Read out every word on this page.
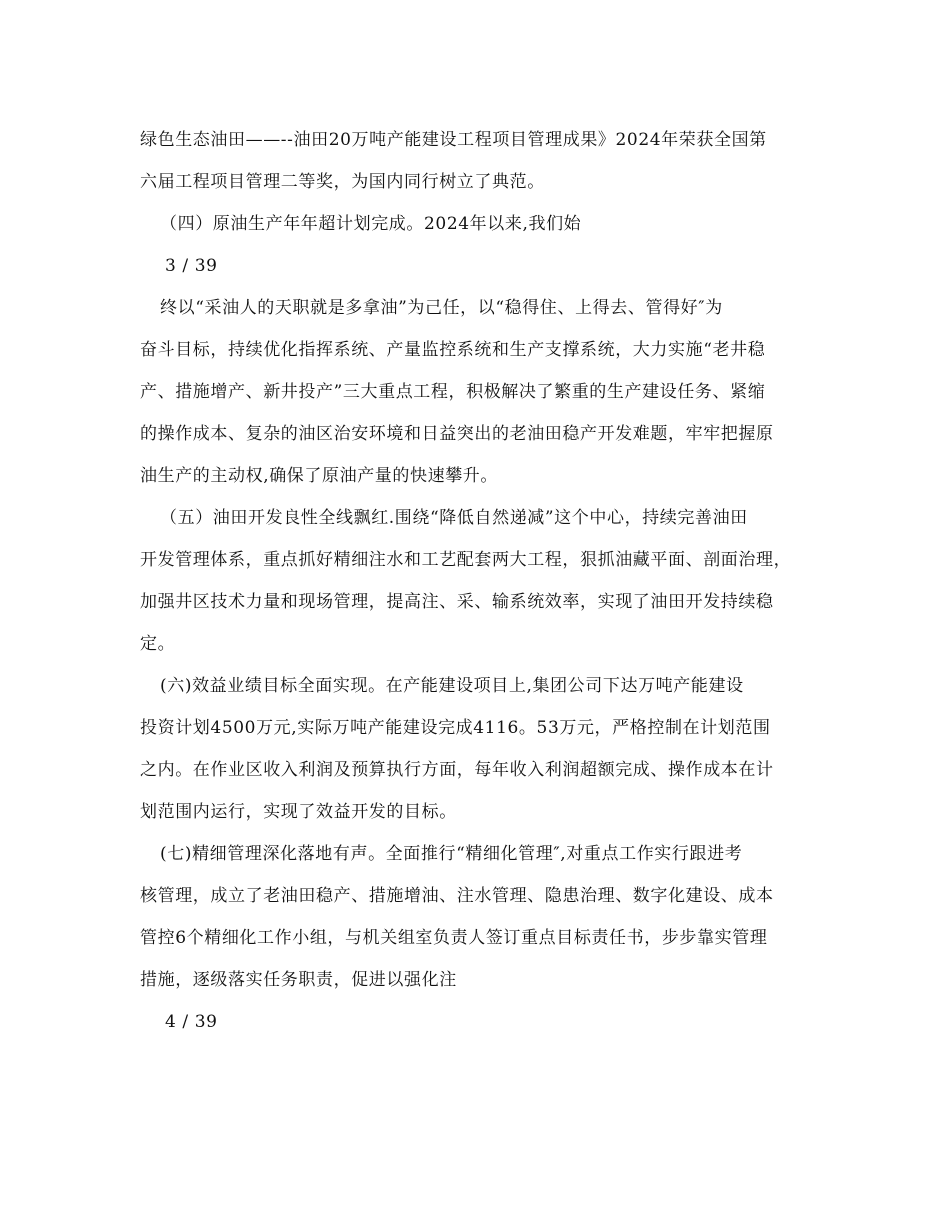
绿色生态油田——--油田20万吨产能建设工程项目管理成果》2024年荣获全国第
六届工程项目管理二等奖，为国内同行树立了典范。
（四）原油生产年年超计划完成。2024年以来,我们始
3 / 39
终以“采油人的天职就是多拿油”为己任，以“稳得住、上得去、管得好″为
奋斗目标，持续优化指挥系统、产量监控系统和生产支撑系统，大力实施“老井稳
产、措施增产、新井投产”三大重点工程，积极解决了繁重的生产建设任务、紧缩
的操作成本、复杂的油区治安环境和日益突出的老油田稳产开发难题，牢牢把握原
油生产的主动权,确保了原油产量的快速攀升。
（五）油田开发良性全线飘红.围绕“降低自然递减”这个中心，持续完善油田
开发管理体系，重点抓好精细注水和工艺配套两大工程，狠抓油藏平面、剖面治理，
加强井区技术力量和现场管理，提高注、采、输系统效率，实现了油田开发持续稳
定。
(六)效益业绩目标全面实现。在产能建设项目上,集团公司下达万吨产能建设
投资计划4500万元,实际万吨产能建设完成4116。53万元，严格控制在计划范围
之内。在作业区收入利润及预算执行方面，每年收入利润超额完成、操作成本在计
划范围内运行，实现了效益开发的目标。
(七)精细管理深化落地有声。全面推行“精细化管理″,对重点工作实行跟进考
核管理，成立了老油田稳产、措施增油、注水管理、隐患治理、数字化建设、成本
管控6个精细化工作小组，与机关组室负责人签订重点目标责任书，步步靠实管理
措施，逐级落实任务职责，促进以强化注
4 / 39
